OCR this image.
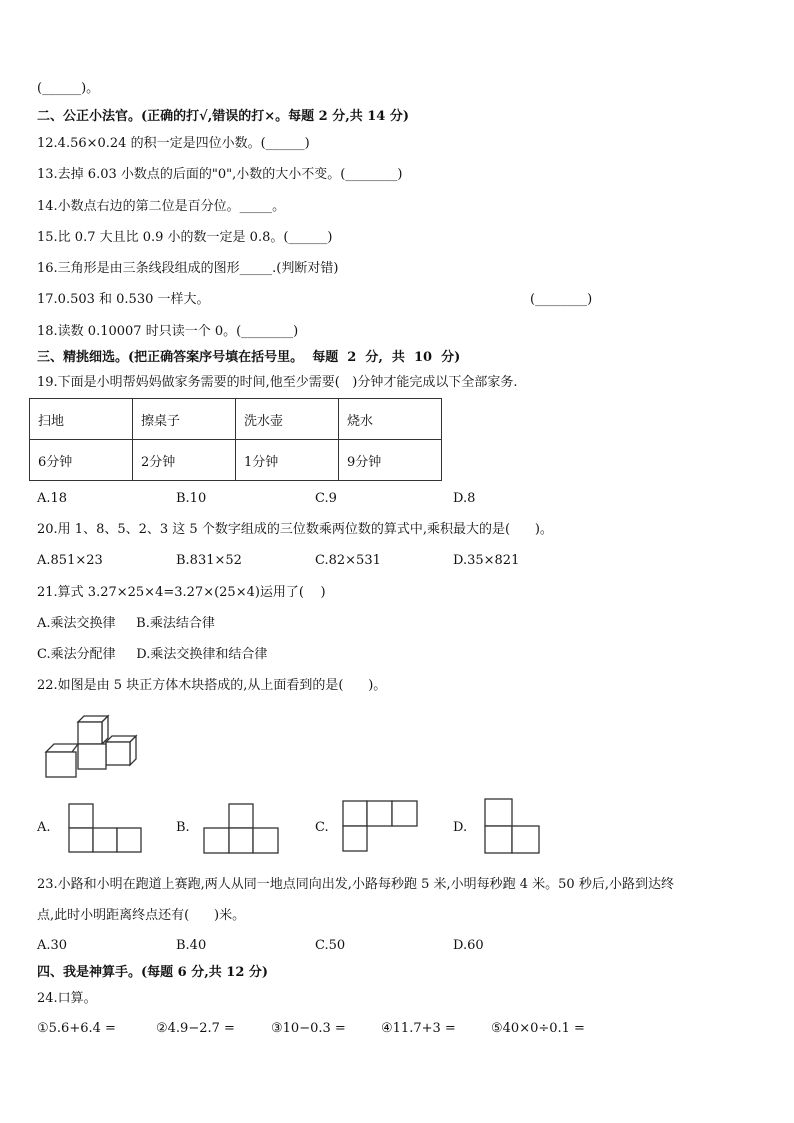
(______)。
二、公正小法官。(正确的打√,错误的打×。每题 2 分,共 14 分)
12.4.56×0.24 的积一定是四位小数。(______)
13.去掉 6.03 小数点的后面的"0",小数的大小不变。(________)
14.小数点右边的第二位是百分位。_____。
15.比 0.7 大且比 0.9 小的数一定是 0.8。(______)
16.三角形是由三条线段组成的图形_____.(判断对错)
17.0.503 和 0.530 一样大。	(________)
18.读数 0.10007 时只读一个 0。(________)
三、精挑细选。(把正确答案序号填在括号里。  每题  2  分,  共  10  分)
19.下面是小明帮妈妈做家务需要的时间,他至少需要(   )分钟才能完成以下全部家务.
扫地	擦桌子	洗水壶	烧水
6分钟	2分钟	1分钟	9分钟
A.18	B.10	C.9	D.8
20.用 1、8、5、2、3 这 5 个数字组成的三位数乘两位数的算式中,乘积最大的是(      )。
A.851×23	B.831×52	C.82×531	D.35×821
21.算式 3.27×25×4=3.27×(25×4)运用了(    )
A.乘法交换律     B.乘法结合律
C.乘法分配律     D.乘法交换律和结合律
22.如图是由 5 块正方体木块搭成的,从上面看到的是(      )。
A.	B.	C.	D.
23.小路和小明在跑道上赛跑,两人从同一地点同向出发,小路每秒跑 5 米,小明每秒跑 4 米。50 秒后,小路到达终
点,此时小明距离终点还有(      )米。
A.30	B.40	C.50	D.60
四、我是神算手。(每题 6 分,共 12 分)
24.口算。
①5.6+6.4 =	②4.9−2.7 =	③10−0.3 =	④11.7+3 =	⑤40×0÷0.1 =
